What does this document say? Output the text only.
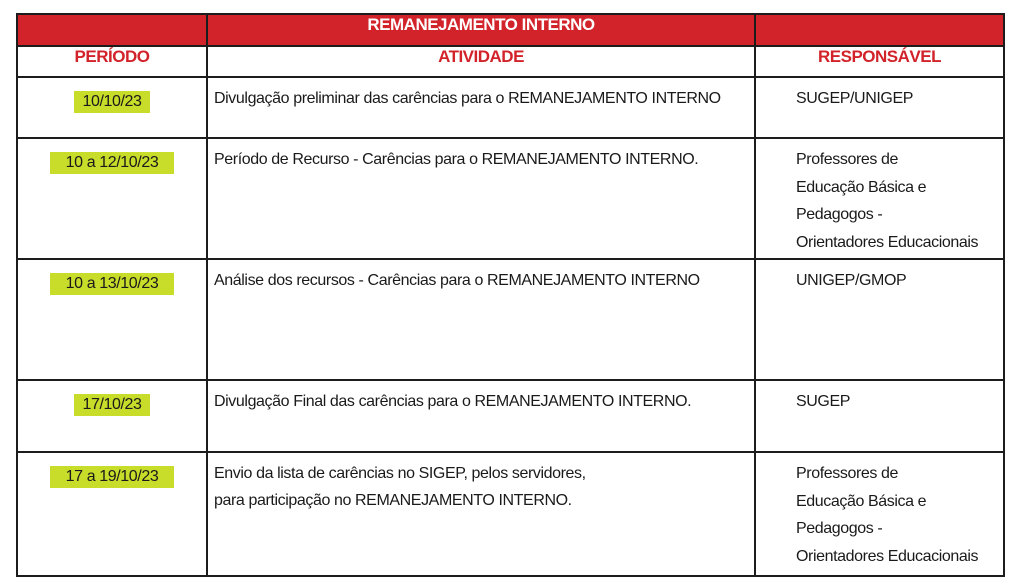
	REMANEJAMENTO INTERNO	
PERÍODO	ATIVIDADE	RESPONSÁVEL
10/10/23	Divulgação preliminar das carências para o REMANEJAMENTO INTERNO	SUGEP/UNIGEP

10 a 12/10/23	Período de Recurso - Carências para o REMANEJAMENTO INTERNO.	Professores de
Educação Básica e
Pedagogos -
Orientadores Educacionais

10 a 13/10/23	Análise dos recursos - Carências para o REMANEJAMENTO INTERNO	UNIGEP/GMOP

17/10/23	Divulgação Final das carências para o REMANEJAMENTO INTERNO.	SUGEP

17 a 19/10/23	Envio da lista de carências no SIGEP, pelos servidores,
para participação no REMANEJAMENTO INTERNO.	Professores de
Educação Básica e
Pedagogos -
Orientadores Educacionais
